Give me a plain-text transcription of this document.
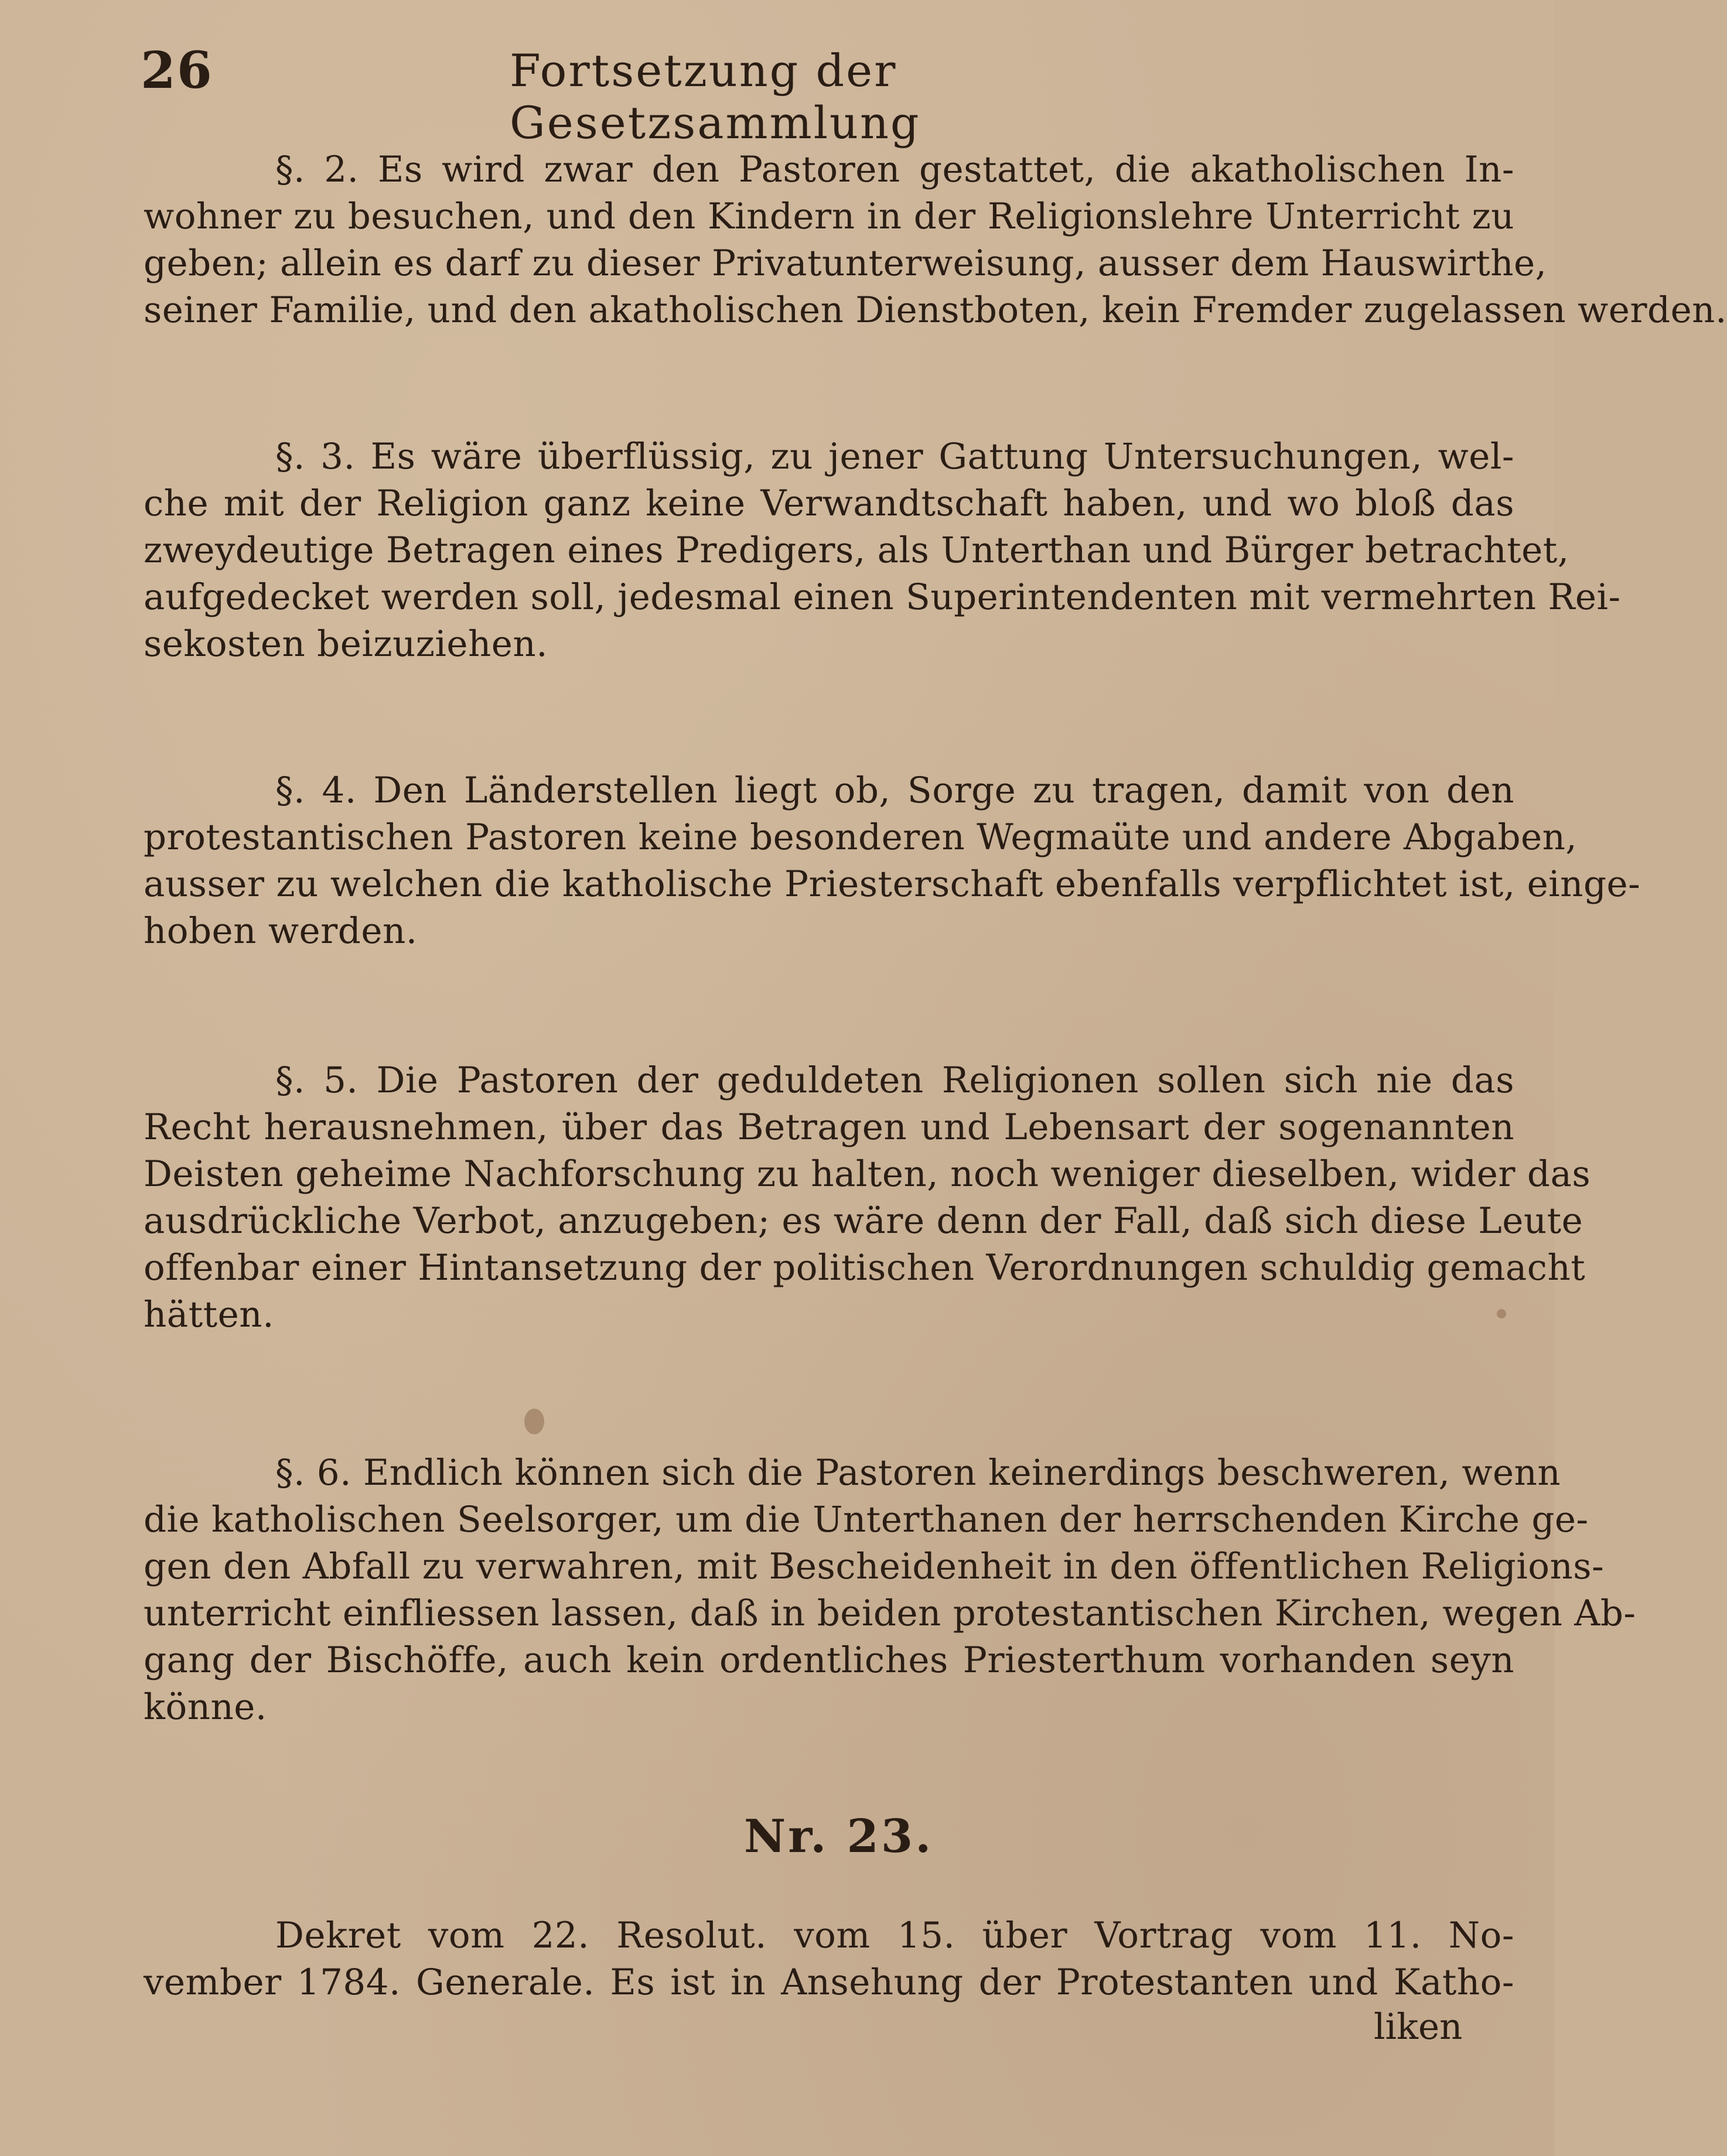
26	Fortsetzung der Gesetzsammlung
§. 2. Es wird zwar den Pastoren gestattet, die akatholischen In-
wohner zu besuchen, und den Kindern in der Religionslehre Unterricht zu
geben; allein es darf zu dieser Privatunterweisung, ausser dem Hauswirthe,
seiner Familie, und den akatholischen Dienstboten, kein Fremder zugelassen werden.
§. 3. Es wäre überflüssig, zu jener Gattung Untersuchungen, wel-
che mit der Religion ganz keine Verwandtschaft haben, und wo bloß das
zweydeutige Betragen eines Predigers, als Unterthan und Bürger betrachtet,
aufgedecket werden soll, jedesmal einen Superintendenten mit vermehrten Rei-
sekosten beizuziehen.
§. 4. Den Länderstellen liegt ob, Sorge zu tragen, damit von den
protestantischen Pastoren keine besonderen Wegmaüte und andere Abgaben,
ausser zu welchen die katholische Priesterschaft ebenfalls verpflichtet ist, einge-
hoben werden.
§. 5. Die Pastoren der geduldeten Religionen sollen sich nie das
Recht herausnehmen, über das Betragen und Lebensart der sogenannten
Deisten geheime Nachforschung zu halten, noch weniger dieselben, wider das
ausdrückliche Verbot, anzugeben; es wäre denn der Fall, daß sich diese Leute
offenbar einer Hintansetzung der politischen Verordnungen schuldig gemacht
hätten.
§. 6. Endlich können sich die Pastoren keinerdings beschweren, wenn
die katholischen Seelsorger, um die Unterthanen der herrschenden Kirche ge-
gen den Abfall zu verwahren, mit Bescheidenheit in den öffentlichen Religions-
unterricht einfliessen lassen, daß in beiden protestantischen Kirchen, wegen Ab-
gang der Bischöffe, auch kein ordentliches Priesterthum vorhanden seyn
könne.
Nr. 23.
Dekret vom 22. Resolut. vom 15. über Vortrag vom 11. No-
vember 1784. Generale. Es ist in Ansehung der Protestanten und Katho-
liken
